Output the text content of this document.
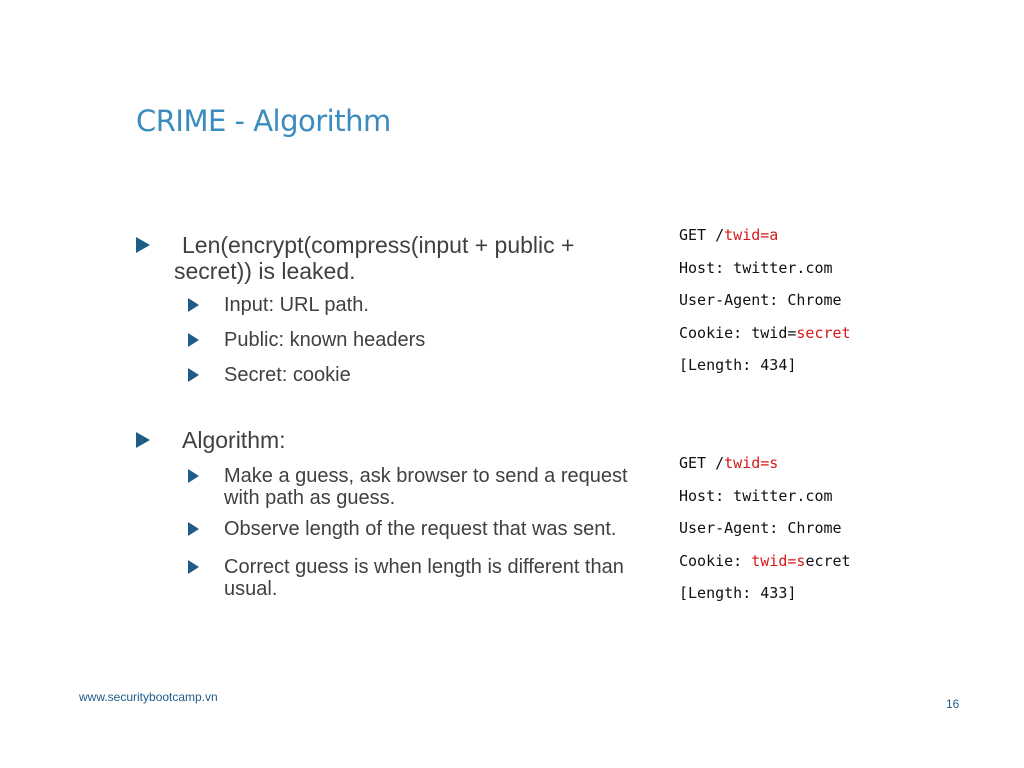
CRIME - Algorithm
Len(encrypt(compress(input + public + secret)) is leaked.
Input: URL path.
Public: known headers
Secret: cookie
Algorithm:
Make a guess, ask browser to send a request with path as guess.
Observe length of the request that was sent.
Correct guess is when length is different than usual.
GET /twid=a
Host: twitter.com
User-Agent: Chrome
Cookie: twid=secret
[Length: 434]
GET /twid=s
Host: twitter.com
User-Agent: Chrome
Cookie: twid=secret
[Length: 433]
www.securitybootcamp.vn	16
